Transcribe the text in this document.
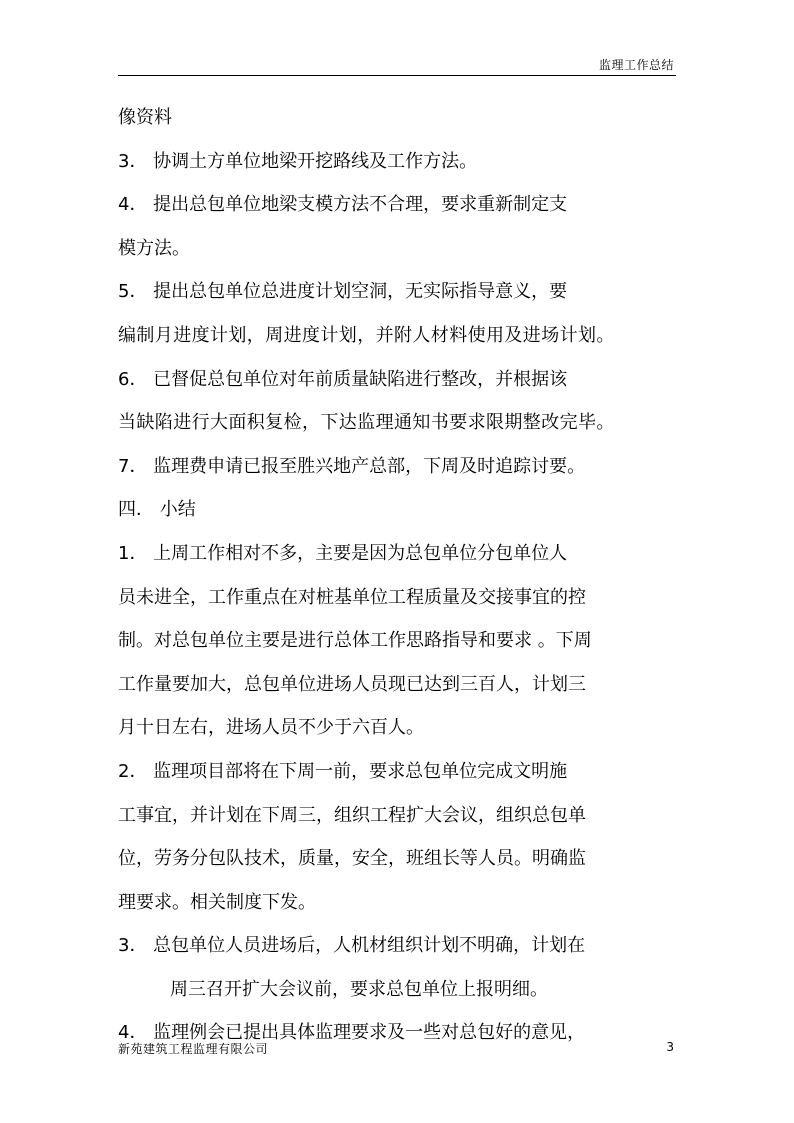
监理工作总结
像资料
3． 协调土方单位地梁开挖路线及工作方法。
4． 提出总包单位地梁支模方法不合理，要求重新制定支
模方法。
5． 提出总包单位总进度计划空洞，无实际指导意义，要
编制月进度计划，周进度计划，并附人材料使用及进场计划。
6． 已督促总包单位对年前质量缺陷进行整改，并根据该
当缺陷进行大面积复检，下达监理通知书要求限期整改完毕。
7． 监理费申请已报至胜兴地产总部，下周及时追踪讨要。
四． 小结
1． 上周工作相对不多，主要是因为总包单位分包单位人
员未进全，工作重点在对桩基单位工程质量及交接事宜的控
制。对总包单位主要是进行总体工作思路指导和要求 。下周
工作量要加大，总包单位进场人员现已达到三百人，计划三
月十日左右，进场人员不少于六百人。
2． 监理项目部将在下周一前，要求总包单位完成文明施
工事宜，并计划在下周三，组织工程扩大会议，组织总包单
位，劳务分包队技术，质量，安全，班组长等人员。明确监
理要求。相关制度下发。
3． 总包单位人员进场后，人机材组织计划不明确，计划在
周三召开扩大会议前，要求总包单位上报明细。
4． 监理例会已提出具体监理要求及一些对总包好的意见，
新苑建筑工程监理有限公司	3
